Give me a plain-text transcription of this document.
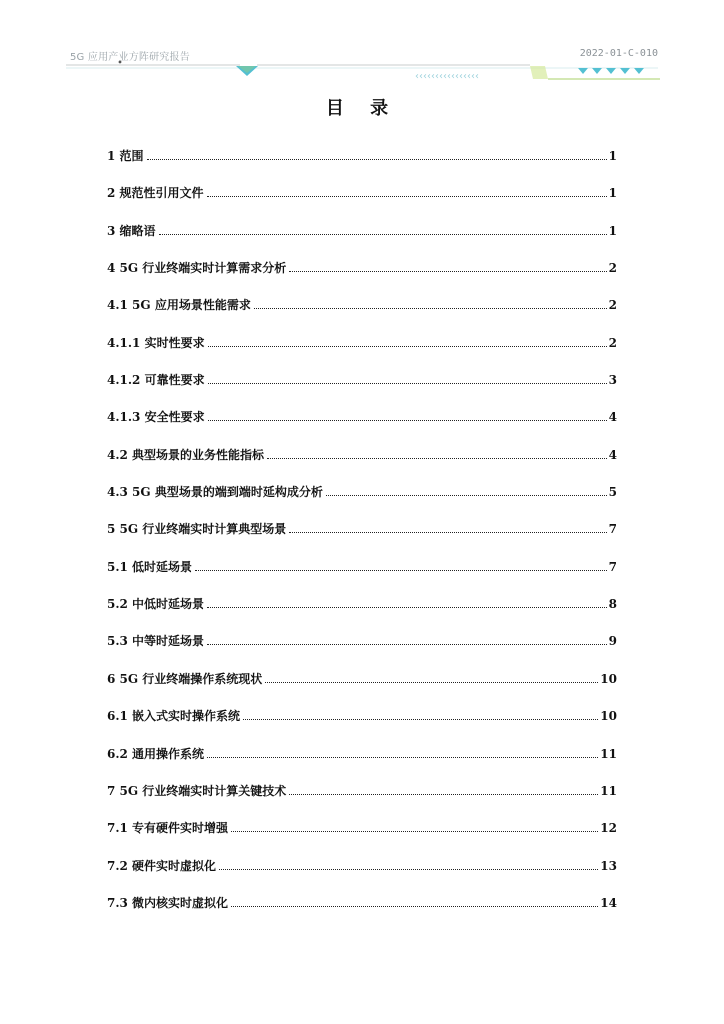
‹‹‹‹‹‹‹‹‹‹‹‹‹‹‹‹
5G 应用产业方阵研究报告	2022-01-C-010
目 录
1 范围	1
2 规范性引用文件	1
3 缩略语	1
4 5G 行业终端实时计算需求分析	2
4.1 5G 应用场景性能需求	2
4.1.1 实时性要求	2
4.1.2 可靠性要求	3
4.1.3 安全性要求	4
4.2 典型场景的业务性能指标	4
4.3 5G 典型场景的端到端时延构成分析	5
5 5G 行业终端实时计算典型场景	7
5.1 低时延场景	7
5.2 中低时延场景	8
5.3 中等时延场景	9
6 5G 行业终端操作系统现状	10
6.1 嵌入式实时操作系统	10
6.2 通用操作系统	11
7 5G 行业终端实时计算关键技术	11
7.1 专有硬件实时增强	12
7.2 硬件实时虚拟化	13
7.3 微内核实时虚拟化	14
